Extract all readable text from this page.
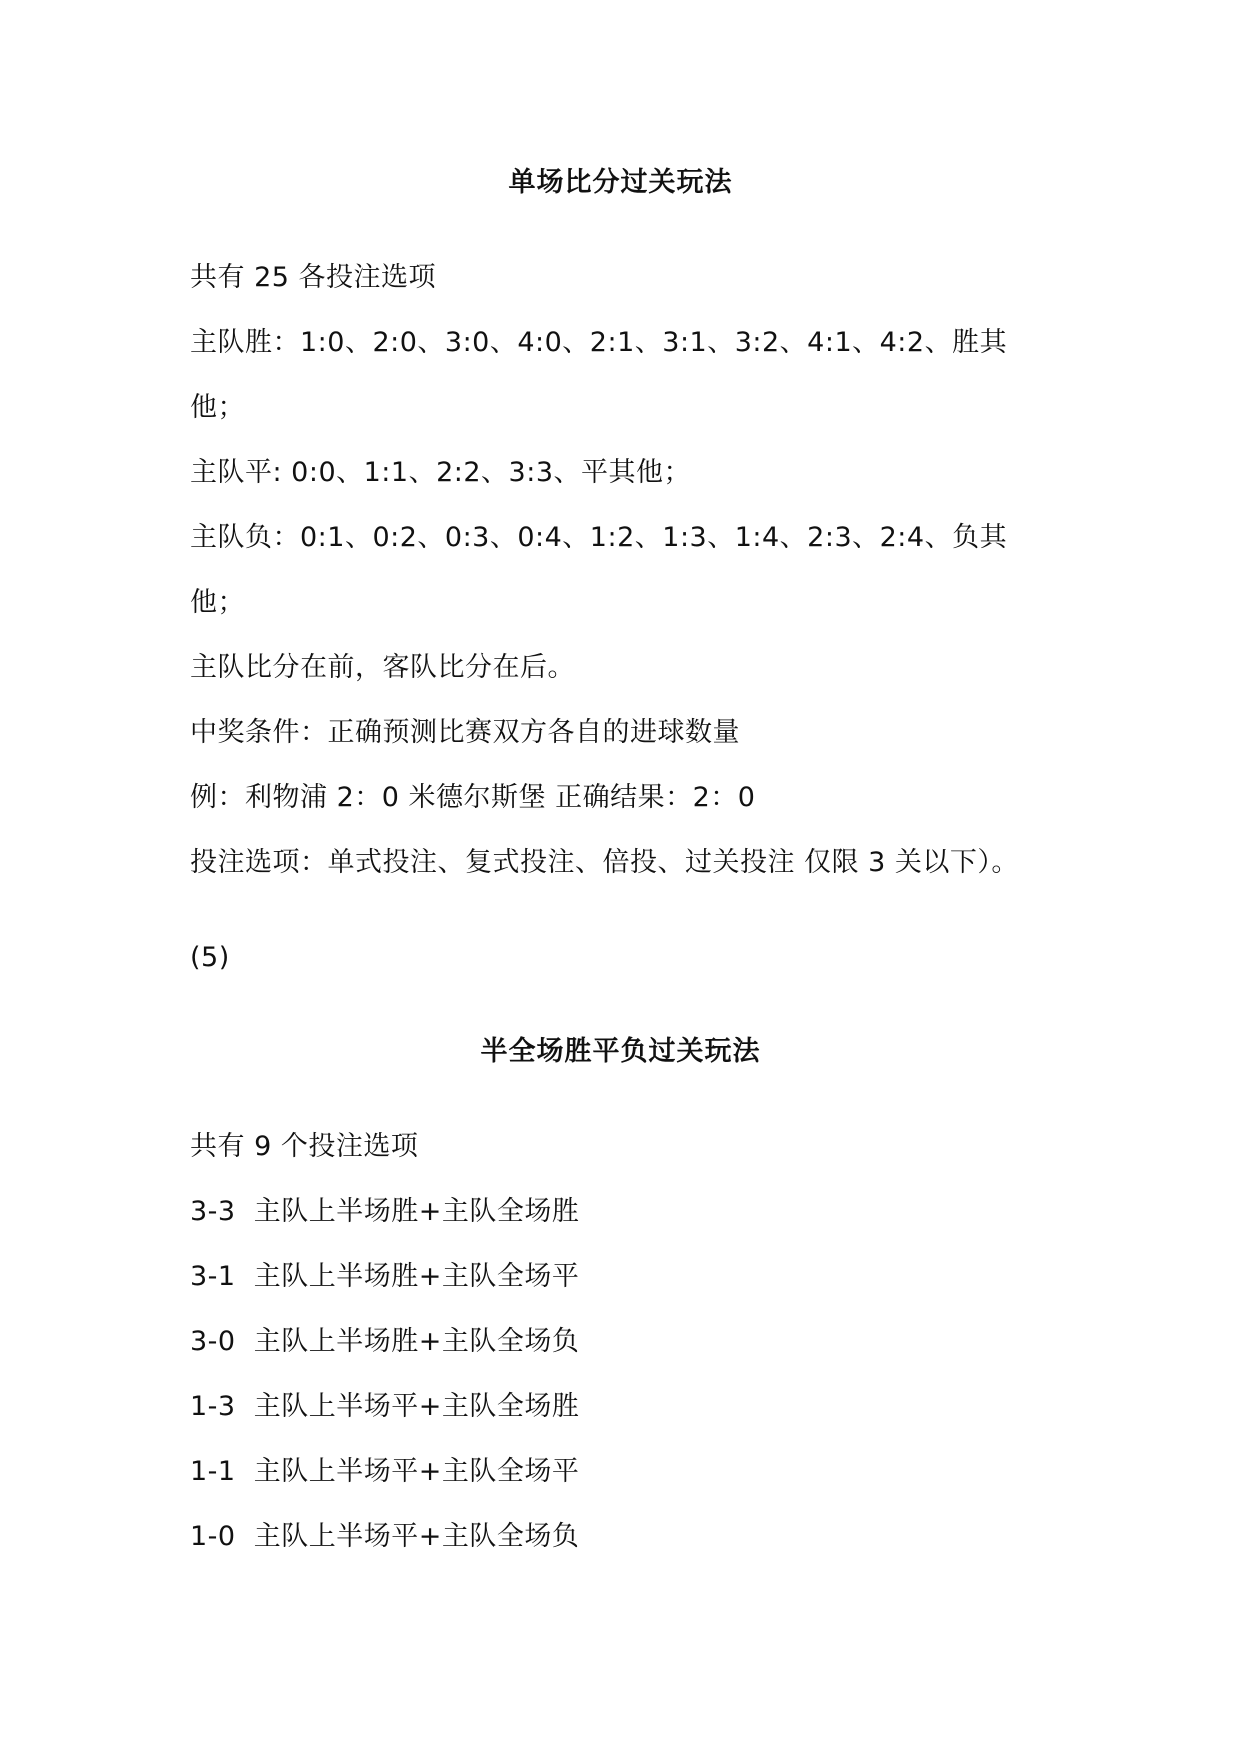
单场比分过关玩法
共有 25 各投注选项
主队胜：1:0、2:0、3:0、4:0、2:1、3:1、3:2、4:1、4:2、胜其
他；
主队平: 0:0、1:1、2:2、3:3、平其他；
主队负：0:1、0:2、0:3、0:4、1:2、1:3、1:4、2:3、2:4、负其
他；
主队比分在前，客队比分在后。
中奖条件：正确预测比赛双方各自的进球数量
例：利物浦 2：0 米德尔斯堡 正确结果：2：0
投注选项：单式投注、复式投注、倍投、过关投注 仅限 3 关以下）。
(5)
半全场胜平负过关玩法
共有 9 个投注选项
3-3 主队上半场胜+主队全场胜
3-1 主队上半场胜+主队全场平
3-0 主队上半场胜+主队全场负
1-3 主队上半场平+主队全场胜
1-1 主队上半场平+主队全场平
1-0 主队上半场平+主队全场负
